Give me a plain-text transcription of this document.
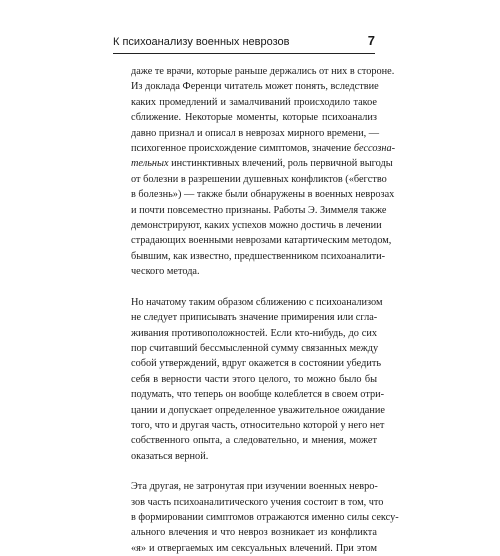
К психоанализу военных неврозов	7
даже те врачи, которые раньше держались от них в стороне.
Из доклада Ференци читатель может понять, вследствие
каких промедлений и замалчиваний происходило такое
сближение. Некоторые моменты, которые психоанализ
давно признал и описал в неврозах мирного времени, —
психогенное происхождение симптомов, значение бессозна-
тельных инстинктивных влечений, роль первичной выгоды
от болезни в разрешении душевных конфликтов («бегство
в болезнь») — также были обнаружены в военных неврозах
и почти повсеместно признаны. Работы Э. Зиммеля также
демонстрируют, каких успехов можно достичь в лечении
страдающих военными неврозами катартическим методом,
бывшим, как известно, предшественником психоаналити-
ческого метода.
Но начатому таким образом сближению с психоанализом
не следует приписывать значение примирения или сгла-
живания противоположностей. Если кто-нибудь, до сих
пор считавший бессмысленной сумму связанных между
собой утверждений, вдруг окажется в состоянии убедить
себя в верности части этого целого, то можно было бы
подумать, что теперь он вообще колеблется в своем отри-
цании и допускает определенное уважительное ожидание
того, что и другая часть, относительно которой у него нет
собственного опыта, а следовательно, и мнения, может
оказаться верной.
Эта другая, не затронутая при изучении военных невро-
зов часть психоаналитического учения состоит в том, что
в формировании симптомов отражаются именно силы сексу-
ального влечения и что невроз возникает из конфликта
«я» и отвергаемых им сексуальных влечений. При этом
